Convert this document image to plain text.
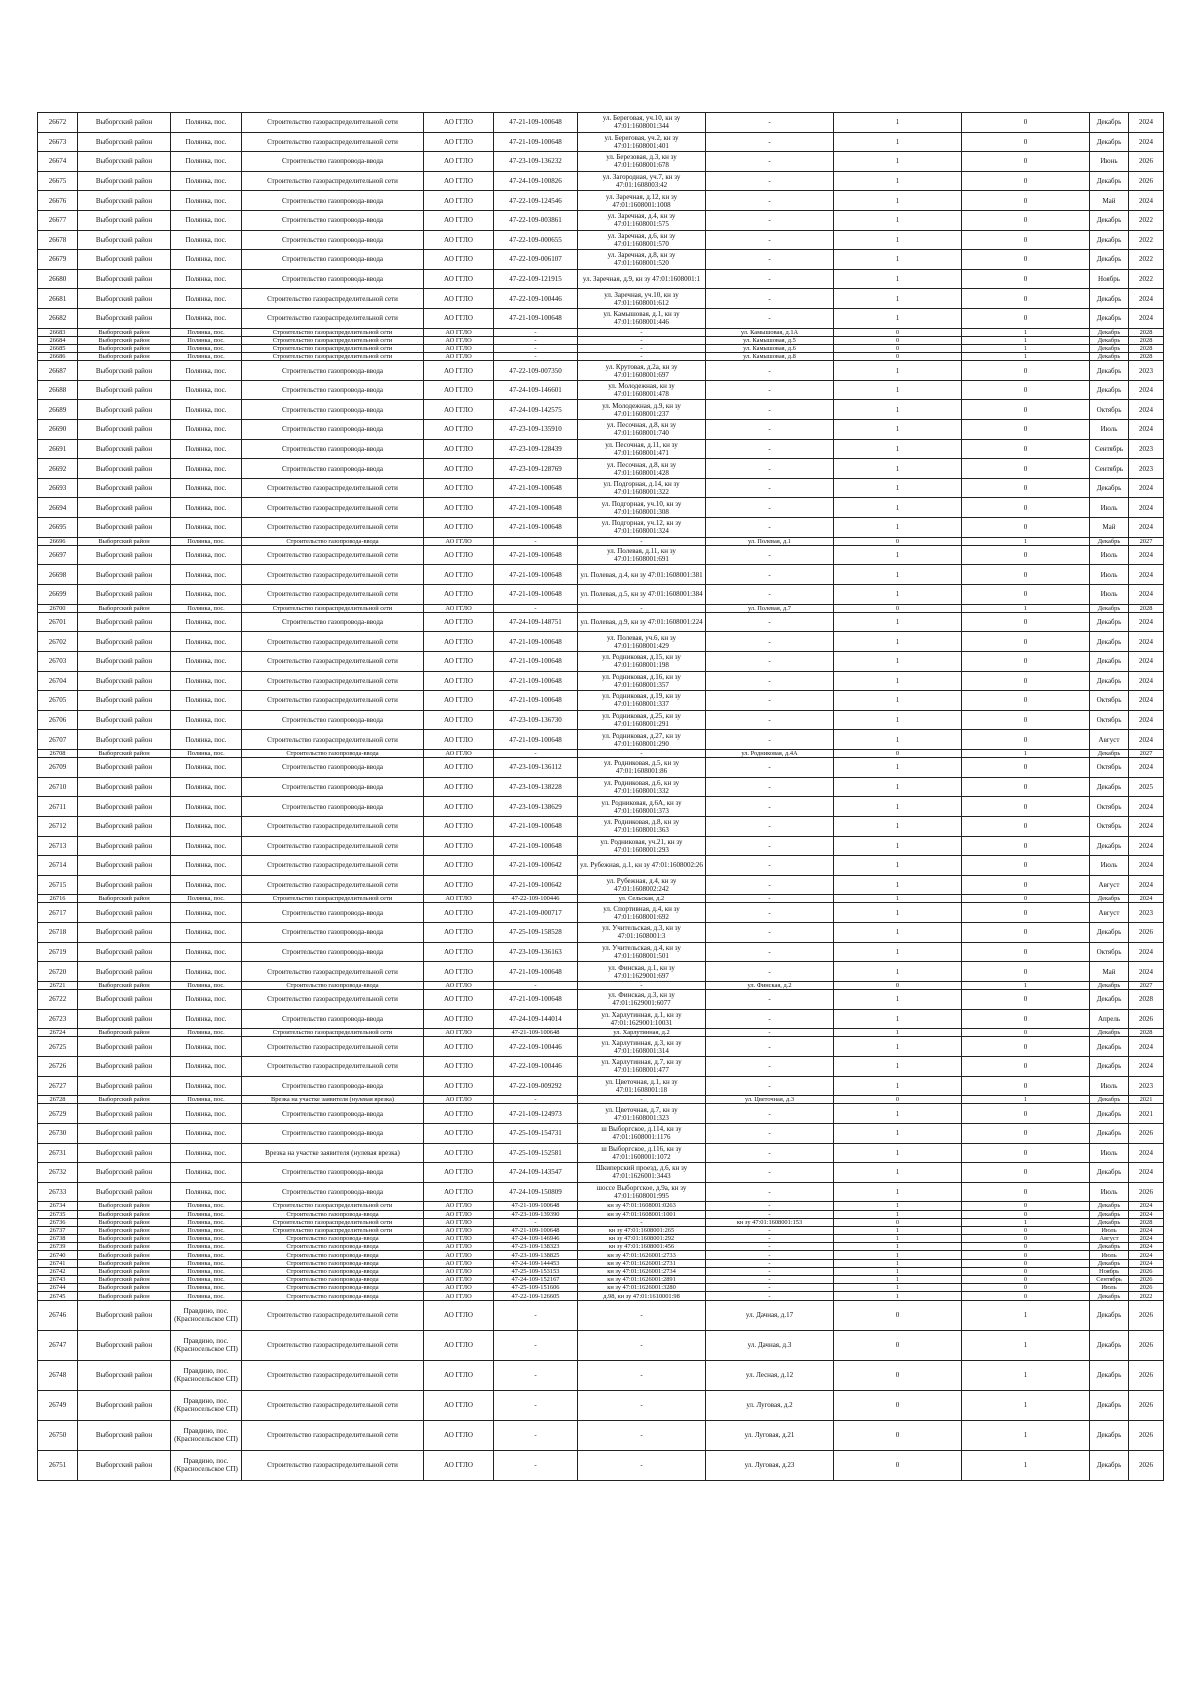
26672	Выборгский район	Полянка, пос.	Строительство газораспределительной сети	АО ГГЛО	47-21-109-100648	ул. Береговая, уч.10, кн зу 47:01:1608001:344	-	1	0	Декабрь	2024
26673	Выборгский район	Полянка, пос.	Строительство газораспределительной сети	АО ГГЛО	47-21-109-100648	ул. Береговая, уч.2, кн зу 47:01:1608001:401	-	1	0	Декабрь	2024
26674	Выборгский район	Полянка, пос.	Строительство газопровода-ввода	АО ГГЛО	47-23-109-136232	ул. Березовая, д.3, кн зу 47:01:1608001:678	-	1	0	Июнь	2026
26675	Выборгский район	Полянка, пос.	Строительство газораспределительной сети	АО ГГЛО	47-24-109-100826	ул. Загородная, уч.7, кн зу 47:01:1608003:42	-	1	0	Декабрь	2026
26676	Выборгский район	Полянка, пос.	Строительство газопровода-ввода	АО ГГЛО	47-22-109-124546	ул. Заречная, д.12, кн зу 47:01:1608001:1008	-	1	0	Май	2024
26677	Выборгский район	Полянка, пос.	Строительство газопровода-ввода	АО ГГЛО	47-22-109-003861	ул. Заречная, д.4, кн зу 47:01:1608001:575	-	1	0	Декабрь	2022
26678	Выборгский район	Полянка, пос.	Строительство газопровода-ввода	АО ГГЛО	47-22-109-000655	ул. Заречная, д.6, кн зу 47:01:1608001:570	-	1	0	Декабрь	2022
26679	Выборгский район	Полянка, пос.	Строительство газопровода-ввода	АО ГГЛО	47-22-109-006107	ул. Заречная, д.8, кн зу 47:01:1608001:520	-	1	0	Декабрь	2022
26680	Выборгский район	Полянка, пос.	Строительство газопровода-ввода	АО ГГЛО	47-22-109-121915	ул. Заречная, д.9, кн зу 47:01:1608001:1	-	1	0	Ноябрь	2022
26681	Выборгский район	Полянка, пос.	Строительство газораспределительной сети	АО ГГЛО	47-22-109-100446	ул. Заречная, уч.10, кн зу 47:01:1608001:612	-	1	0	Декабрь	2024
26682	Выборгский район	Полянка, пос.	Строительство газораспределительной сети	АО ГГЛО	47-21-109-100648	ул. Камышовая, д.1, кн зу 47:01:1608001:446	-	1	0	Декабрь	2024
26683	Выборгский район	Полянка, пос.	Строительство газораспределительной сети	АО ГГЛО	-	-	ул. Камышовая, д.1А	0	1	Декабрь	2028
26684	Выборгский район	Полянка, пос.	Строительство газораспределительной сети	АО ГГЛО	-	-	ул. Камышовая, д.5	0	1	Декабрь	2028
26685	Выборгский район	Полянка, пос.	Строительство газораспределительной сети	АО ГГЛО	-	-	ул. Камышовая, д.6	0	1	Декабрь	2028
26686	Выборгский район	Полянка, пос.	Строительство газораспределительной сети	АО ГГЛО	-	-	ул. Камышовая, д.8	0	1	Декабрь	2028
26687	Выборгский район	Полянка, пос.	Строительство газопровода-ввода	АО ГГЛО	47-22-109-007350	ул. Крутовая, д.2а, кн зу 47:01:1608001:697	-	1	0	Декабрь	2023
26688	Выборгский район	Полянка, пос.	Строительство газопровода-ввода	АО ГГЛО	47-24-109-146601	ул. Молодежная, кн зу 47:01:1608001:478	-	1	0	Декабрь	2024
26689	Выборгский район	Полянка, пос.	Строительство газопровода-ввода	АО ГГЛО	47-24-109-142575	ул. Молодежная, д.9, кн зу 47:01:1608001:237	-	1	0	Октябрь	2024
26690	Выборгский район	Полянка, пос.	Строительство газопровода-ввода	АО ГГЛО	47-23-109-135910	ул. Песочная, д.8, кн зу 47:01:1608001:740	-	1	0	Июль	2024
26691	Выборгский район	Полянка, пос.	Строительство газопровода-ввода	АО ГГЛО	47-23-109-128439	ул. Песочная, д.11, кн зу 47:01:1608001:471	-	1	0	Сентябрь	2023
26692	Выборгский район	Полянка, пос.	Строительство газопровода-ввода	АО ГГЛО	47-23-109-128769	ул. Песочная, д.8, кн зу 47:01:1608001:428	-	1	0	Сентябрь	2023
26693	Выборгский район	Полянка, пос.	Строительство газораспределительной сети	АО ГГЛО	47-21-109-100648	ул. Подгорная, д.14, кн зу 47:01:1608001:322	-	1	0	Декабрь	2024
26694	Выборгский район	Полянка, пос.	Строительство газораспределительной сети	АО ГГЛО	47-21-109-100648	ул. Подгорная, уч.10, кн зу 47:01:1608001:308	-	1	0	Июль	2024
26695	Выборгский район	Полянка, пос.	Строительство газораспределительной сети	АО ГГЛО	47-21-109-100648	ул. Подгорная, уч.12, кн зу 47:01:1608001:324	-	1	0	Май	2024
26696	Выборгский район	Полянка, пос.	Строительство газопровода-ввода	АО ГГЛО	-	-	ул. Полевая, д.1	0	1	Декабрь	2027
26697	Выборгский район	Полянка, пос.	Строительство газораспределительной сети	АО ГГЛО	47-21-109-100648	ул. Полевая, д.11, кн зу 47:01:1608001:691	-	1	0	Июль	2024
26698	Выборгский район	Полянка, пос.	Строительство газораспределительной сети	АО ГГЛО	47-21-109-100648	ул. Полевая, д.4, кн зу 47:01:1608001:381	-	1	0	Июль	2024
26699	Выборгский район	Полянка, пос.	Строительство газораспределительной сети	АО ГГЛО	47-21-109-100648	ул. Полевая, д.5, кн зу 47:01:1608001:384	-	1	0	Июль	2024
26700	Выборгский район	Полянка, пос.	Строительство газораспределительной сети	АО ГГЛО	-	-	ул. Полевая, д.7	0	1	Декабрь	2028
26701	Выборгский район	Полянка, пос.	Строительство газопровода-ввода	АО ГГЛО	47-24-109-148751	ул. Полевая, д.9, кн зу 47:01:1608001:224	-	1	0	Декабрь	2024
26702	Выборгский район	Полянка, пос.	Строительство газораспределительной сети	АО ГГЛО	47-21-109-100648	ул. Полевая, уч.6, кн зу 47:01:1608001:429	-	1	0	Декабрь	2024
26703	Выборгский район	Полянка, пос.	Строительство газораспределительной сети	АО ГГЛО	47-21-109-100648	ул. Родниковая, д.15, кн зу 47:01:1608001:198	-	1	0	Декабрь	2024
26704	Выборгский район	Полянка, пос.	Строительство газораспределительной сети	АО ГГЛО	47-21-109-100648	ул. Родниковая, д.16, кн зу 47:01:1608001:357	-	1	0	Декабрь	2024
26705	Выборгский район	Полянка, пос.	Строительство газораспределительной сети	АО ГГЛО	47-21-109-100648	ул. Родниковая, д.19, кн зу 47:01:1608001:337	-	1	0	Октябрь	2024
26706	Выборгский район	Полянка, пос.	Строительство газопровода-ввода	АО ГГЛО	47-23-109-136730	ул. Родниковая, д.25, кн зу 47:01:1608001:291	-	1	0	Октябрь	2024
26707	Выборгский район	Полянка, пос.	Строительство газораспределительной сети	АО ГГЛО	47-21-109-100648	ул. Родниковая, д.27, кн зу 47:01:1608001:290	-	1	0	Август	2024
26708	Выборгский район	Полянка, пос.	Строительство газопровода-ввода	АО ГГЛО	-	-	ул. Родниковая, д.4А	0	1	Декабрь	2027
26709	Выборгский район	Полянка, пос.	Строительство газопровода-ввода	АО ГГЛО	47-23-109-136112	ул. Родниковая, д.5, кн зу 47:01:1608001:86	-	1	0	Октябрь	2024
26710	Выборгский район	Полянка, пос.	Строительство газопровода-ввода	АО ГГЛО	47-23-109-138228	ул. Родниковая, д.6, кн зу 47:01:1608001:332	-	1	0	Декабрь	2025
26711	Выборгский район	Полянка, пос.	Строительство газопровода-ввода	АО ГГЛО	47-23-109-138629	ул. Родниковая, д.6А, кн зу 47:01:1608001:373	-	1	0	Октябрь	2024
26712	Выборгский район	Полянка, пос.	Строительство газораспределительной сети	АО ГГЛО	47-21-109-100648	ул. Родниковая, д.8, кн зу 47:01:1608001:363	-	1	0	Октябрь	2024
26713	Выборгский район	Полянка, пос.	Строительство газораспределительной сети	АО ГГЛО	47-21-109-100648	ул. Родниковая, уч.21, кн зу 47:01:1608001:293	-	1	0	Декабрь	2024
26714	Выборгский район	Полянка, пос.	Строительство газораспределительной сети	АО ГГЛО	47-21-109-100642	ул. Рубежная, д.1, кн зу 47:01:1608002:26	-	1	0	Июль	2024
26715	Выборгский район	Полянка, пос.	Строительство газораспределительной сети	АО ГГЛО	47-21-109-100642	ул. Рубежная, д.4, кн зу 47:01:1608002:242	-	1	0	Август	2024
26716	Выборгский район	Полянка, пос.	Строительство газораспределительной сети	АО ГГЛО	47-22-109-100446	ул. Сельская, д.2	-	1	0	Декабрь	2024
26717	Выборгский район	Полянка, пос.	Строительство газопровода-ввода	АО ГГЛО	47-21-109-000717	ул. Спортивная, д.4, кн зу 47:01:1608001:692	-	1	0	Август	2023
26718	Выборгский район	Полянка, пос.	Строительство газопровода-ввода	АО ГГЛО	47-25-109-158528	ул. Учительская, д.3, кн зу 47:01:1608001:3	-	1	0	Декабрь	2026
26719	Выборгский район	Полянка, пос.	Строительство газопровода-ввода	АО ГГЛО	47-23-109-136163	ул. Учительская, д.4, кн зу 47:01:1608001:501	-	1	0	Октябрь	2024
26720	Выборгский район	Полянка, пос.	Строительство газораспределительной сети	АО ГГЛО	47-21-109-100648	ул. Финская, д.1, кн зу 47:01:1629001:697	-	1	0	Май	2024
26721	Выборгский район	Полянка, пос.	Строительство газопровода-ввода	АО ГГЛО	-	-	ул. Финская, д.2	0	1	Декабрь	2027
26722	Выборгский район	Полянка, пос.	Строительство газораспределительной сети	АО ГГЛО	47-21-109-100648	ул. Финская, д.3, кн зу 47:01:1629001:6077	-	1	0	Декабрь	2028
26723	Выборгский район	Полянка, пос.	Строительство газопровода-ввода	АО ГГЛО	47-24-109-144014	ул. Харлутинная, д.1, кн зу 47:01:1629001:10031	-	1	0	Апрель	2026
26724	Выборгский район	Полянка, пос.	Строительство газораспределительной сети	АО ГГЛО	47-21-109-100648	ул. Харлутинная, д.2	-	1	0	Декабрь	2028
26725	Выборгский район	Полянка, пос.	Строительство газораспределительной сети	АО ГГЛО	47-22-109-100446	ул. Харлутинная, д.3, кн зу 47:01:1608001:314	-	1	0	Декабрь	2024
26726	Выборгский район	Полянка, пос.	Строительство газораспределительной сети	АО ГГЛО	47-22-109-100446	ул. Харлутинная, д.7, кн зу 47:01:1608001:477	-	1	0	Декабрь	2024
26727	Выборгский район	Полянка, пос.	Строительство газопровода-ввода	АО ГГЛО	47-22-109-009292	ул. Цветочная, д.1, кн зу 47:01:1608001:18	-	1	0	Июль	2023
26728	Выборгский район	Полянка, пос.	Врезка на участке заявителя (нулевая врезка)	АО ГГЛО	-	-	ул. Цветочная, д.3	0	1	Декабрь	2021
26729	Выборгский район	Полянка, пос.	Строительство газопровода-ввода	АО ГГЛО	47-21-109-124973	ул. Цветочная, д.7, кн зу 47:01:1608001:323	-	1	0	Декабрь	2021
26730	Выборгский район	Полянка, пос.	Строительство газопровода-ввода	АО ГГЛО	47-25-109-154731	ш Выборгское, д.114, кн зу 47:01:1608001:1176	-	1	0	Декабрь	2026
26731	Выборгский район	Полянка, пос.	Врезка на участке заявителя (нулевая врезка)	АО ГГЛО	47-25-109-152581	ш Выборгское, д.116, кн зу 47:01:1608001:1072	-	1	0	Июль	2024
26732	Выборгский район	Полянка, пос.	Строительство газопровода-ввода	АО ГГЛО	47-24-109-143547	Шкиперский проезд, д.6, кн зу 47:01:1626001:3443	-	1	0	Декабрь	2024
26733	Выборгский район	Полянка, пос.	Строительство газопровода-ввода	АО ГГЛО	47-24-109-150809	шоссе Выборгское, д.9а, кн зу 47:01:1608001:995	-	1	0	Июль	2026
26734	Выборгский район	Полянка, пос.	Строительство газораспределительной сети	АО ГГЛО	47-21-109-100648	кн зу 47:01:1608001:0263	-	1	0	Декабрь	2024
26735	Выборгский район	Полянка, пос.	Строительство газопровода-ввода	АО ГГЛО	47-23-109-139390	кн зу 47:01:1608001:1001	-	1	0	Декабрь	2024
26736	Выборгский район	Полянка, пос.	Строительство газораспределительной сети	АО ГГЛО	-	-	кн зу 47:01:1608001:153	0	1	Декабрь	2028
26737	Выборгский район	Полянка, пос.	Строительство газораспределительной сети	АО ГГЛО	47-21-109-100648	кн зу 47:01:1608001:265	-	1	0	Июль	2024
26738	Выборгский район	Полянка, пос.	Строительство газопровода-ввода	АО ГГЛО	47-24-109-146946	кн зу 47:01:1608001:292	-	1	0	Август	2024
26739	Выборгский район	Полянка, пос.	Строительство газопровода-ввода	АО ГГЛО	47-23-109-138323	кн зу 47:01:1608001:456	-	1	0	Декабрь	2024
26740	Выборгский район	Полянка, пос.	Строительство газопровода-ввода	АО ГГЛО	47-23-109-138825	кн зу 47:01:1626001:2733	-	1	0	Июль	2024
26741	Выборгский район	Полянка, пос.	Строительство газопровода-ввода	АО ГГЛО	47-24-109-144453	кн зу 47:01:1626001:2731	-	1	0	Декабрь	2024
26742	Выборгский район	Полянка, пос.	Строительство газопровода-ввода	АО ГГЛО	47-25-109-153153	кн зу 47:01:1626001:2734	-	1	0	Ноябрь	2026
26743	Выборгский район	Полянка, пос.	Строительство газопровода-ввода	АО ГГЛО	47-24-109-152167	кн зу 47:01:1626001:2891	-	1	0	Сентябрь	2026
26744	Выборгский район	Полянка, пос.	Строительство газопровода-ввода	АО ГГЛО	47-25-109-151606	кн зу 47:01:1626001:3280	-	1	0	Июль	2026
26745	Выборгский район	Полянка, пос.	Строительство газопровода-ввода	АО ГГЛО	47-22-109-126605	д.98, кн зу 47:01:1610001:98	-	1	0	Декабрь	2022
26746	Выборгский район	Правдино, пос. (Красносельское СП)	Строительство газораспределительной сети	АО ГГЛО	-	-	ул. Дачная, д.17	0	1	Декабрь	2026
26747	Выборгский район	Правдино, пос. (Красносельское СП)	Строительство газораспределительной сети	АО ГГЛО	-	-	ул. Дачная, д.3	0	1	Декабрь	2026
26748	Выборгский район	Правдино, пос. (Красносельское СП)	Строительство газораспределительной сети	АО ГГЛО	-	-	ул. Лесная, д.12	0	1	Декабрь	2026
26749	Выборгский район	Правдино, пос. (Красносельское СП)	Строительство газораспределительной сети	АО ГГЛО	-	-	ул. Луговая, д.2	0	1	Декабрь	2026
26750	Выборгский район	Правдино, пос. (Красносельское СП)	Строительство газораспределительной сети	АО ГГЛО	-	-	ул. Луговая, д.21	0	1	Декабрь	2026
26751	Выборгский район	Правдино, пос. (Красносельское СП)	Строительство газораспределительной сети	АО ГГЛО	-	-	ул. Луговая, д.23	0	1	Декабрь	2026
